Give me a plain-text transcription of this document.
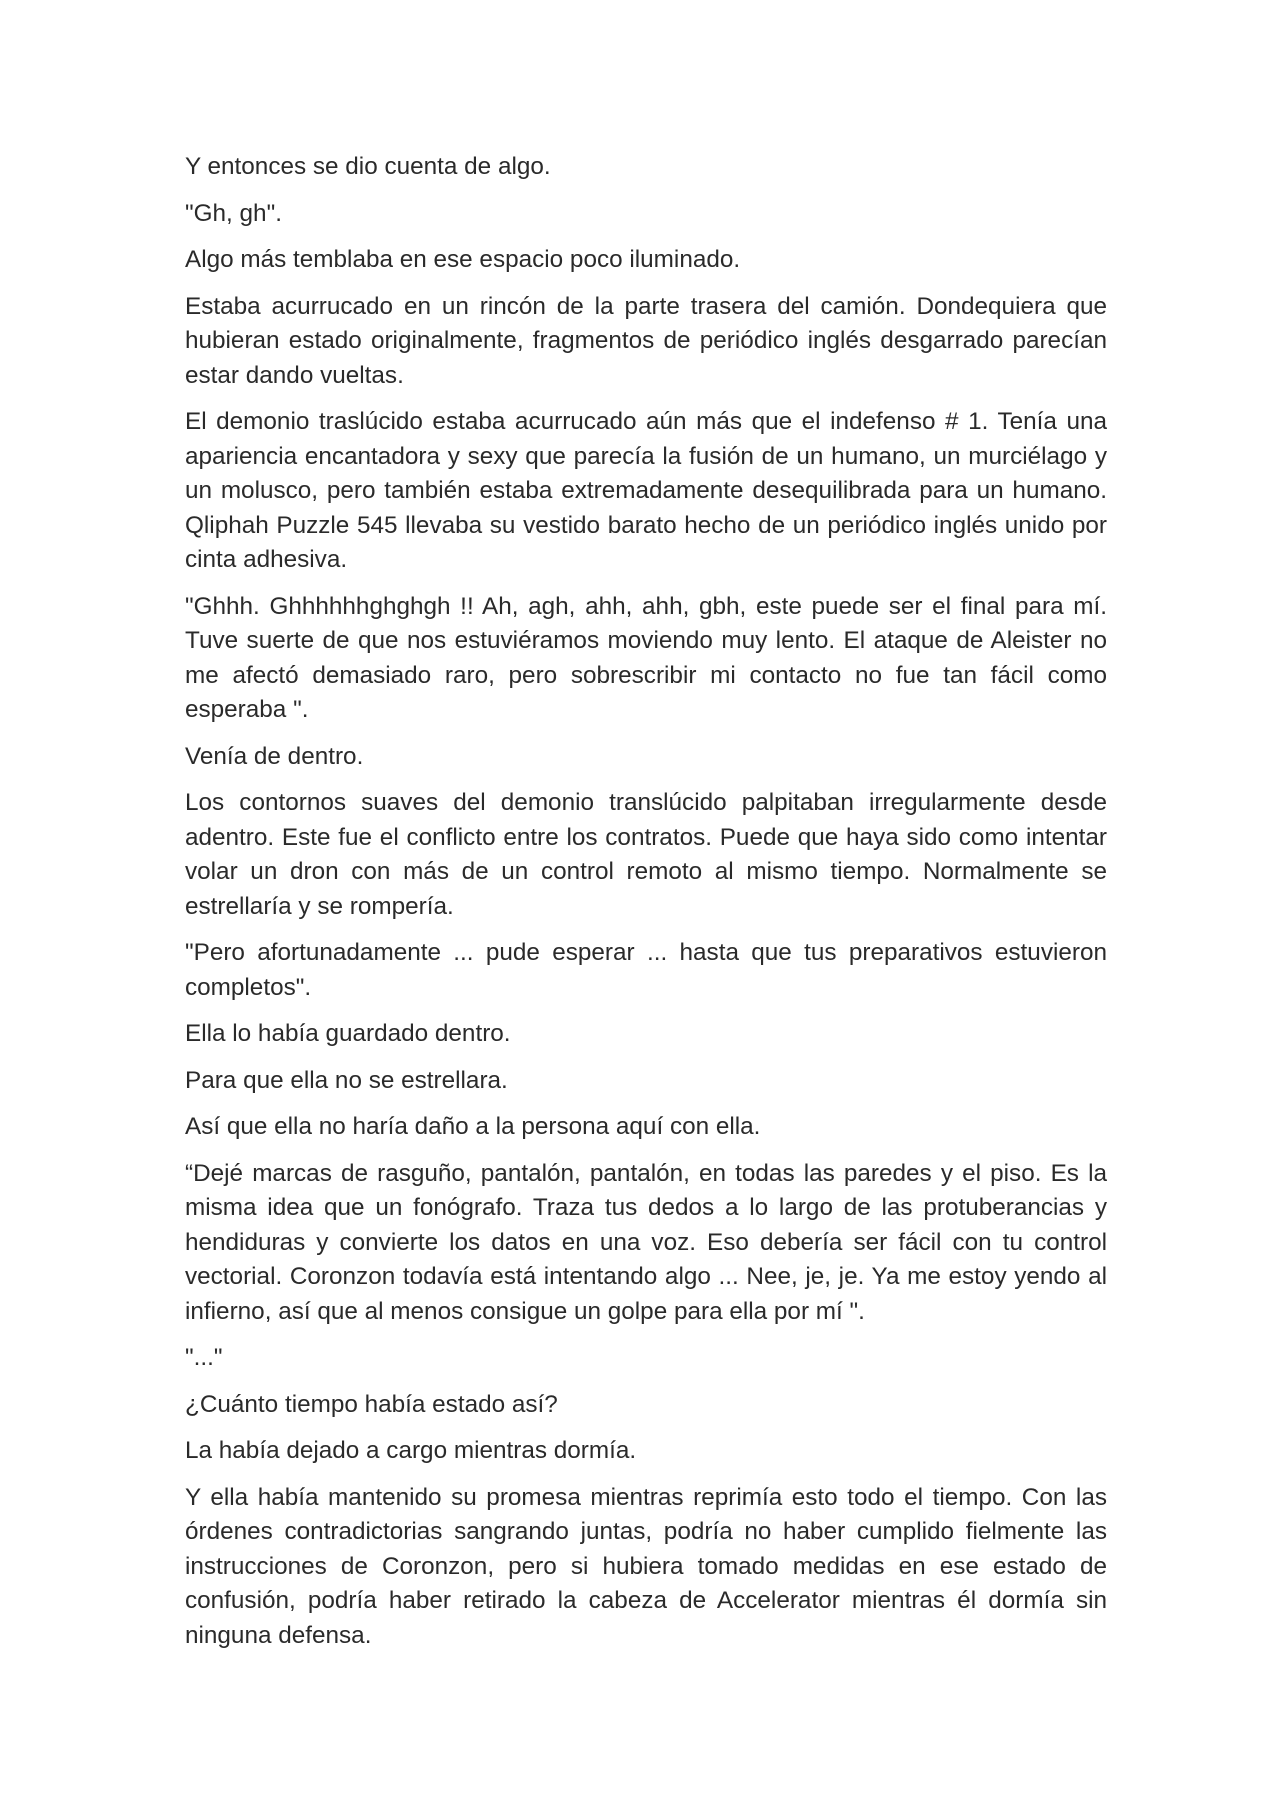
Y entonces se dio cuenta de algo.

"Gh, gh".

Algo más temblaba en ese espacio poco iluminado.

Estaba acurrucado en un rincón de la parte trasera del camión. Dondequiera que hubieran estado originalmente, fragmentos de periódico inglés desgarrado parecían estar dando vueltas.

El demonio traslúcido estaba acurrucado aún más que el indefenso # 1. Tenía una apariencia encantadora y sexy que parecía la fusión de un humano, un murciélago y un molusco, pero también estaba extremadamente desequilibrada para un humano. Qliphah Puzzle 545 llevaba su vestido barato hecho de un periódico inglés unido por cinta adhesiva.

"Ghhh. Ghhhhhhghghgh !! Ah, agh, ahh, ahh, gbh, este puede ser el final para mí. Tuve suerte de que nos estuviéramos moviendo muy lento. El ataque de Aleister no me afectó demasiado raro, pero sobrescribir mi contacto no fue tan fácil como esperaba ".

Venía de dentro.

Los contornos suaves del demonio translúcido palpitaban irregularmente desde adentro. Este fue el conflicto entre los contratos. Puede que haya sido como intentar volar un dron con más de un control remoto al mismo tiempo. Normalmente se estrellaría y se rompería.

"Pero afortunadamente ... pude esperar ... hasta que tus preparativos estuvieron completos".

Ella lo había guardado dentro.

Para que ella no se estrellara.

Así que ella no haría daño a la persona aquí con ella.

“Dejé marcas de rasguño, pantalón, pantalón, en todas las paredes y el piso. Es la misma idea que un fonógrafo. Traza tus dedos a lo largo de las protuberancias y hendiduras y convierte los datos en una voz. Eso debería ser fácil con tu control vectorial. Coronzon todavía está intentando algo ... Nee, je, je. Ya me estoy yendo al infierno, así que al menos consigue un golpe para ella por mí ".

"..."

¿Cuánto tiempo había estado así?

La había dejado a cargo mientras dormía.

Y ella había mantenido su promesa mientras reprimía esto todo el tiempo. Con las órdenes contradictorias sangrando juntas, podría no haber cumplido fielmente las instrucciones de Coronzon, pero si hubiera tomado medidas en ese estado de confusión, podría haber retirado la cabeza de Accelerator mientras él dormía sin ninguna defensa.
